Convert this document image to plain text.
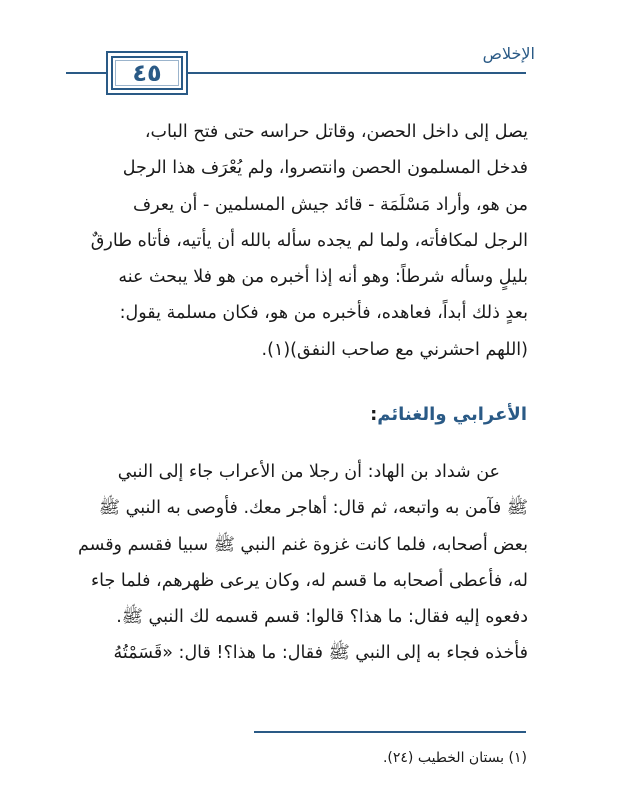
الإخلاص
٤٥
يصل إلى داخل الحصن، وقاتل حراسه حتى فتح الباب،
فدخل المسلمون الحصن وانتصروا، ولم يُعْرَف هذا الرجل
من هو، وأراد مَسْلَمَة - قائد جيش المسلمين - أن يعرف
الرجل لمكافأته، ولما لم يجده سأله بالله أن يأتيه، فأتاه طارقٌ
بليلٍ وسأله شرطاً: وهو أنه إذا أخبره من هو فلا يبحث عنه
بعدٍ ذلك أبداً، فعاهده، فأخبره من هو، فكان مسلمة يقول:
(اللهم احشرني مع صاحب النفق)(١).
الأعرابي والغنائم:
عن شداد بن الهاد: أن رجلا من الأعراب جاء إلى النبي
ﷺ فآمن به واتبعه، ثم قال: أهاجر معك. فأوصى به النبي ﷺ
بعض أصحابه، فلما كانت غزوة غنم النبي ﷺ سبيا فقسم وقسم
له، فأعطى أصحابه ما قسم له، وكان يرعى ظهرهم، فلما جاء
دفعوه إليه فقال: ما هذا؟ قالوا: قسم قسمه لك النبي ﷺ.
فأخذه فجاء به إلى النبي ﷺ فقال: ما هذا؟! قال: «قَسَمْتُهُ
(١) بستان الخطيب (٢٤).
